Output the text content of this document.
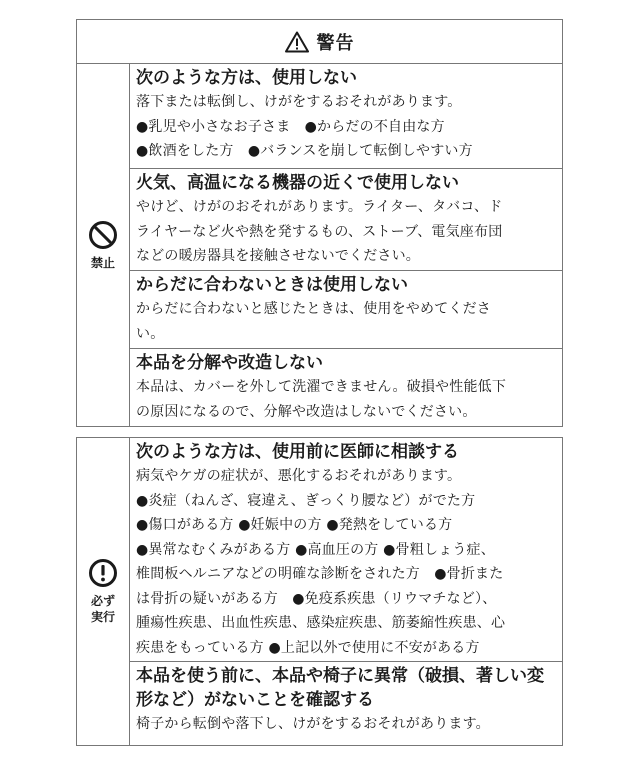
警告
禁止
次のような方は、使用しない
落下または転倒し、けがをするおそれがあります。
●乳児や小さなお子さま　●からだの不自由な方
●飲酒をした方　●バランスを崩して転倒しやすい方
火気、高温になる機器の近くで使用しない
やけど、けがのおそれがあります。ライター、タバコ、ド
ライヤーなど火や熱を発するもの、ストーブ、電気座布団
などの暖房器具を接触させないでください。
からだに合わないときは使用しない
からだに合わないと感じたときは、使用をやめてくださ
い。
本品を分解や改造しない
本品は、カバーを外して洗濯できません。破損や性能低下
の原因になるので、分解や改造はしないでください。
必ず
実行
次のような方は、使用前に医師に相談する
病気やケガの症状が、悪化するおそれがあります。
●炎症（ねんざ、寝違え、ぎっくり腰など）がでた方
●傷口がある方 ●妊娠中の方 ●発熱をしている方
●異常なむくみがある方 ●高血圧の方 ●骨粗しょう症、
椎間板ヘルニアなどの明確な診断をされた方　●骨折また
は骨折の疑いがある方　●免疫系疾患（リウマチなど）、
腫瘍性疾患、出血性疾患、感染症疾患、筋萎縮性疾患、心
疾患をもっている方 ●上記以外で使用に不安がある方
本品を使う前に、本品や椅子に異常（破損、著しい変形など）がないことを確認する
椅子から転倒や落下し、けがをするおそれがあります。
